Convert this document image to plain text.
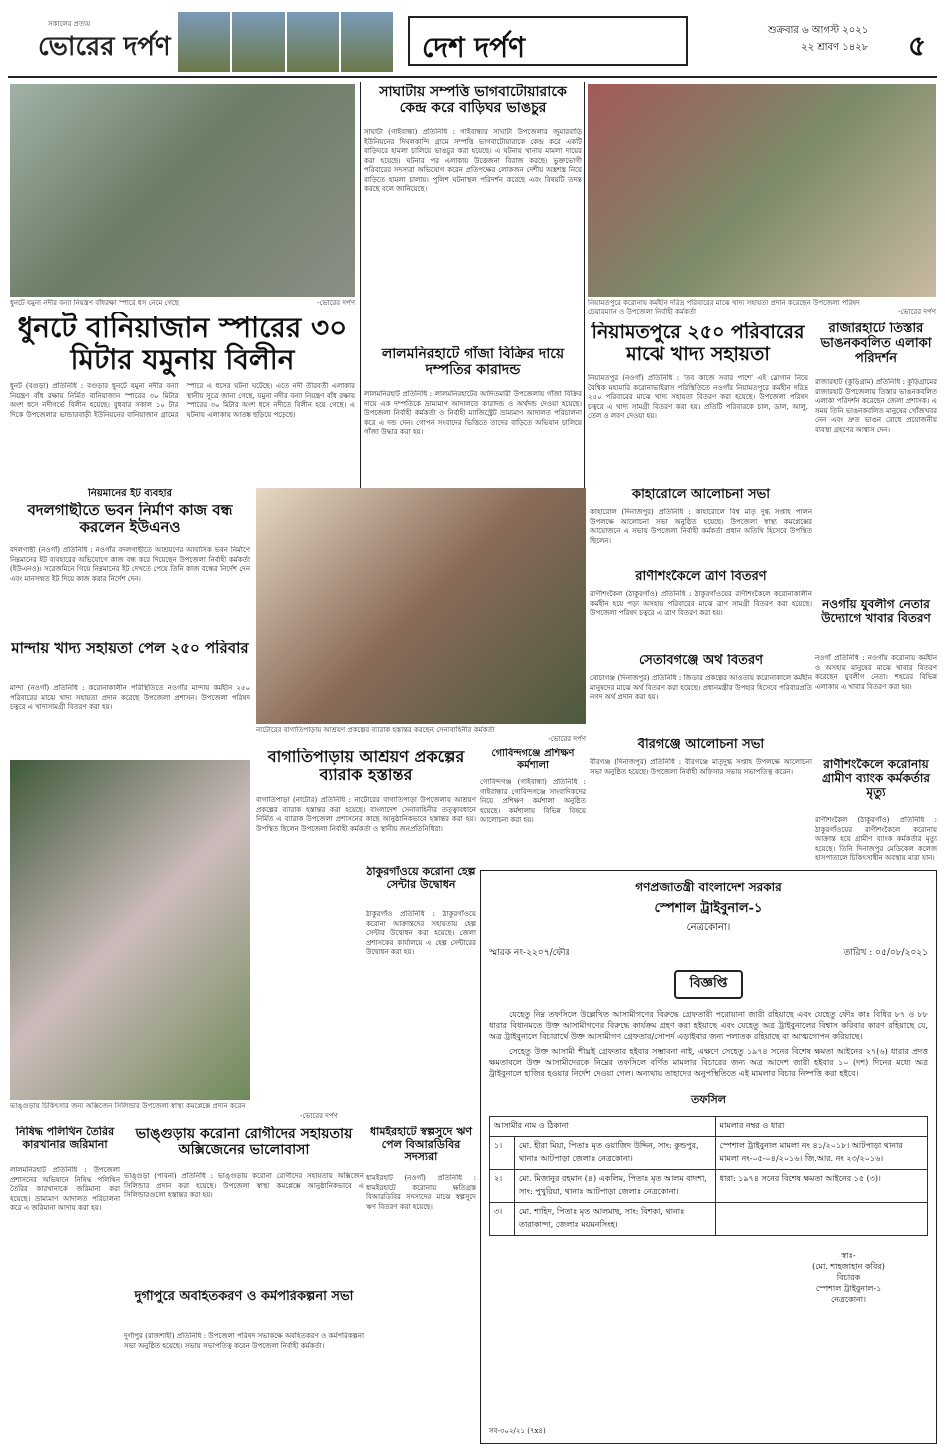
সকালের প্রত্যয়
ভোরের দর্পণ	দেশ দর্পণ
শুক্রবার ৬ আগস্ট ২০২১
২২ শ্রাবণ ১৪২৮ ৫
ধুনটে যমুনা নদীর বন্যা নিয়ন্ত্রণ বাঁধরক্ষা স্পারে ধস নেমে গেছে	-ভোরের দর্পণ
ধুনটে বানিয়াজান স্পারের ৩০ মিটার যমুনায় বিলীন
ধুনট (বগুড়া) প্রতিনিধি : বগুড়ার ধুনটে যমুনা নদীর বন্যা নিয়ন্ত্রণ বাঁধ রক্ষায় নির্মিত বানিয়াজান স্পারের ৩০ মিটার অংশ ধসে নদীগর্ভে বিলীন হয়েছে। বুধবার সকাল ১০ টার দিকে উপজেলার ভান্ডারবাড়ী ইউনিয়নের বানিয়াজান গ্রামের স্পারে এ ধসের ঘটনা ঘটেছে। এতে নদী তীরবর্তী এলাকার স্থানীয় সুত্রে জানা গেছে, যমুনা নদীর বন্যা নিয়ন্ত্রণ বাঁধ রক্ষায় স্পারের ৩০ মিটার অংশ ধসে নদীতে বিলীন হয়ে গেছে। এ ঘটনায় এলাকায় আতঙ্ক ছড়িয়ে পড়েছে।
সাঘাটায় সম্পত্তি ভাগবাটোয়ারাকে কেন্দ্র করে বাড়িঘর ভাঙচুর
সাঘাটা (গাইবান্ধা) প্রতিনিধি : গাইবান্ধার সাঘাটা উপজেলার জুমারবাড়ি ইউনিয়নের দিঘলকান্দি গ্রামে সম্পত্তি ভাগবাটোয়ারাকে কেন্দ্র করে একটি বাড়িঘরে হামলা চালিয়ে ভাঙচুর করা হয়েছে। এ ঘটনায় থানায় মামলা দায়ের করা হয়েছে। ঘটনার পর এলাকায় উত্তেজনা বিরাজ করছে। ভুক্তভোগী পরিবারের সদস্যরা অভিযোগ করেন প্রতিপক্ষের লোকজন দেশীয় অস্ত্রশস্ত্র নিয়ে বাড়িতে হামলা চালায়। পুলিশ ঘটনাস্থল পরিদর্শন করেছে এবং বিষয়টি তদন্ত করছে বলে জানিয়েছে।
লালমনিরহাটে গাঁজা বিক্রির দায়ে দম্পতির কারাদন্ড
লালমনিরহাট প্রতিনিধি : লালমনিরহাটের আদিতমারী উপজেলায় গাঁজা বিক্রির দায়ে এক দম্পতিকে ভ্রাম্যমাণ আদালতে কারাদন্ড ও অর্থদন্ড দেওয়া হয়েছে। উপজেলা নির্বাহী কর্মকর্তা ও নির্বাহী ম্যাজিস্ট্রেট ভ্রাম্যমাণ আদালত পরিচালনা করে এ দন্ড দেন। গোপন সংবাদের ভিত্তিতে তাদের বাড়িতে অভিযান চালিয়ে গাঁজা উদ্ধার করা হয়।
নিয়ামতপুরে করোনায় কর্মহীন দরিদ্র পরিবারের মাঝে খাদ্য সহায়তা প্রদান করেছেন উপজেলা পরিষদ চেয়ারম্যান ও উপজেলা নির্বাহী কর্মকর্তা	-ভোরের দর্পণ
নিয়ামতপুরে ২৫০ পরিবারের মাঝে খাদ্য সহায়তা
নিয়ামতপুর (নওগাঁ) প্রতিনিধি : 'তব কাজে সবার পাশে' এই স্লোগান নিয়ে বৈশ্বিক মহামারি করোনাভাইরাস পরিস্থিতিতে নওগাঁর নিয়ামতপুরে কর্মহীন দরিদ্র ২৫০ পরিবারের মাঝে খাদ্য সহায়তা বিতরণ করা হয়েছে। উপজেলা পরিষদ চত্বরে এ খাদ্য সামগ্রী বিতরণ করা হয়। প্রতিটি পরিবারকে চাল, ডাল, আলু, তেল ও লবণ দেওয়া হয়।
রাজারহাটে তিস্তার ভাঙনকবলিত এলাকা পরিদর্শন
রাজারহাট (কুড়িগ্রাম) প্রতিনিধি : কুড়িগ্রামের রাজারহাট উপজেলায় তিস্তার ভাঙনকবলিত এলাকা পরিদর্শন করেছেন জেলা প্রশাসক। এ সময় তিনি ভাঙনকবলিত মানুষের খোঁজখবর নেন এবং দ্রুত ভাঙন রোধে প্রয়োজনীয় ব্যবস্থা গ্রহণের আশ্বাস দেন।
নিয়মানের ইট ব্যবহার
বদলগাছীতে ভবন নির্মাণ কাজ বন্ধ করলেন ইউএনও
বদলগাছী (নওগাঁ) প্রতিনিধি : নওগাঁর বদলগাছীতে আশ্রয়ণের আবাসিক ভবন নির্মাণে নিম্নমানের ইট ব্যবহারের অভিযোগে কাজ বন্ধ করে দিয়েছেন উপজেলা নির্বাহী কর্মকর্তা (ইউএনও)। সরেজমিনে গিয়ে নিম্নমানের ইট দেখতে পেয়ে তিনি কাজ বন্ধের নির্দেশ দেন এবং মানসম্মত ইট দিয়ে কাজ করার নির্দেশ দেন।
মান্দায় খাদ্য সহায়তা পেল ২৫০ পরিবার
মান্দা (নওগাঁ) প্রতিনিধি : করোনাকালীন পরিস্থিতিতে নওগাঁর মান্দায় কর্মহীন ২৫০ পরিবারের মাঝে খাদ্য সহায়তা প্রদান করেছে উপজেলা প্রশাসন। উপজেলা পরিষদ চত্বরে এ খাদ্যসামগ্রী বিতরণ করা হয়।
নাটোরের বাগাতিপাড়ায় আশ্রয়ণ প্রকল্পের ব্যারাক হস্তান্তর করছেন সেনাবাহিনীর কর্মকর্তা
-ভোরের দর্পণ
বাগাতিপাড়ায় আশ্রয়ণ প্রকল্পের ব্যারাক হস্তান্তর
বাগাতিপাড়া (নাটোর) প্রতিনিধি : নাটোরের বাগাতিপাড়া উপজেলায় আশ্রয়ণ প্রকল্পের ব্যারাক হস্তান্তর করা হয়েছে। বাংলাদেশ সেনাবাহিনীর তত্ত্বাবধানে নির্মিত এ ব্যারাক উপজেলা প্রশাসনের কাছে আনুষ্ঠানিকভাবে হস্তান্তর করা হয়। উপস্থিত ছিলেন উপজেলা নির্বাহী কর্মকর্তা ও স্থানীয় জনপ্রতিনিধিরা।
গোবিন্দগঞ্জে প্রশিক্ষণ কর্মশালা
গোবিন্দগঞ্জ (গাইবান্ধা) প্রতিনিধি : গাইবান্ধার গোবিন্দগঞ্জে সাংবাদিকদের নিয়ে প্রশিক্ষণ কর্মশালা অনুষ্ঠিত হয়েছে। কর্মশালায় বিভিন্ন বিষয়ে আলোচনা করা হয়।
কাহারোলে আলোচনা সভা
কাহারোল (দিনাজপুর) প্রতিনিধি : কাহারোলে বিশ্ব মাতৃ দুগ্ধ সপ্তাহ পালন উপলক্ষে আলোচনা সভা অনুষ্ঠিত হয়েছে। উপজেলা স্বাস্থ্য কমপ্লেক্সের আয়োজনে এ সভায় উপজেলা নির্বাহী কর্মকর্তা প্রধান অতিথি হিসেবে উপস্থিত ছিলেন।
রাণীশংকৈলে ত্রাণ বিতরণ
রাণীশংকৈল (ঠাকুরগাঁও) প্রতিনিধি : ঠাকুরগাঁওয়ের রাণীশংকৈলে করোনাকালীন কর্মহীন হয়ে পড়া অসহায় পরিবারের মাঝে ত্রাণ সামগ্রী বিতরণ করা হয়েছে। উপজেলা পরিষদ চত্বরে এ ত্রাণ বিতরণ করা হয়।
সেতাবগঞ্জে অর্থ বিতরণ
বোচাগঞ্জ (দিনাজপুর) প্রতিনিধি : জিডার প্রকল্পের আওতায় করোনাকালে কর্মহীন মানুষদের মাঝে অর্থ বিতরণ করা হয়েছে। প্রধানমন্ত্রীর উপহার হিসেবে পরিবারপ্রতি নগদ অর্থ প্রদান করা হয়।
বীরগঞ্জে আলোচনা সভা
বীরগঞ্জ (দিনাজপুর) প্রতিনিধি : বীরগঞ্জে মাতৃদুগ্ধ সপ্তাহ উপলক্ষে আলোচনা সভা অনুষ্ঠিত হয়েছে। উপজেলা নির্বাহী অফিসার সভায় সভাপতিত্ব করেন।
নওগাঁয় যুবলীগ নেতার উদ্যোগে খাবার বিতরণ
নওগাঁ প্রতিনিধি : নওগাঁয় করোনায় কর্মহীন ও অসহায় মানুষের মাঝে খাবার বিতরণ করেছেন যুবলীগ নেতা। শহরের বিভিন্ন এলাকায় এ খাবার বিতরণ করা হয়।
রাণীশংকৈলে করোনায় গ্রামীণ ব্যাংক কর্মকর্তার মৃত্যু
রাণীশংকৈল (ঠাকুরগাঁও) প্রতিনিধি : ঠাকুরগাঁওয়ের রাণীশংকৈলে করোনায় আক্রান্ত হয়ে গ্রামীণ ব্যাংক কর্মকর্তার মৃত্যু হয়েছে। তিনি দিনাজপুর মেডিকেল কলেজ হাসপাতালে চিকিৎসাধীন অবস্থায় মারা যান।
ভাঙ্গুড়ায় চিকিৎসার জন্য অক্সিজেন সিলিন্ডার উপজেলা স্বাস্থ্য কমপ্লেক্সে প্রদান করেন
-ভোরের দর্পণ
ঠাকুরগাঁওয়ে করোনা হেল্প সেন্টার উদ্বোধন
ঠাকুরগাঁও প্রতিনিধি : ঠাকুরগাঁওয়ে করোনা আক্রান্তদের সহায়তায় হেল্প সেন্টার উদ্বোধন করা হয়েছে। জেলা প্রশাসকের কার্যালয়ে এ হেল্প সেন্টারের উদ্বোধন করা হয়।
নিষিদ্ধ পলিথিন তৈরির কারখানার জরিমানা
লালমনিরহাট প্রতিনিধি : উপজেলা প্রশাসনের অভিযানে নিষিদ্ধ পলিথিন তৈরির কারখানাকে জরিমানা করা হয়েছে। ভ্রাম্যমাণ আদালত পরিচালনা করে এ জরিমানা আদায় করা হয়।
ভাঙ্গুড়ায় করোনা রোগীদের সহায়তায় অক্সিজেনের ভালোবাসা
ভাঙ্গুড়া (পাবনা) প্রতিনিধি : ভাঙ্গুড়ায় করোনা রোগীদের সহায়তায় অক্সিজেন সিলিন্ডার প্রদান করা হয়েছে। উপজেলা স্বাস্থ্য কমপ্লেক্সে আনুষ্ঠানিকভাবে এ সিলিন্ডারগুলো হস্তান্তর করা হয়।
দুর্গাপুরে অবহিতকরণ ও কর্মপরিকল্পনা সভা
দুর্গাপুর (রাজশাহী) প্রতিনিধি : উপজেলা পরিষদ সভাকক্ষে অবহিতকরণ ও কর্মপরিকল্পনা সভা অনুষ্ঠিত হয়েছে। সভায় সভাপতিত্ব করেন উপজেলা নির্বাহী কর্মকর্তা।
ধামইরহাটে স্বল্পসুদে ঋণ পেল বিআরডিবির সদস্যরা
ধামইরহাট (নওগাঁ) প্রতিনিধি : ধামইরহাটে করোনায় ক্ষতিগ্রস্ত বিআরডিবির সদস্যদের মাঝে স্বল্পসুদে ঋণ বিতরণ করা হয়েছে।
গণপ্রজাতন্ত্রী বাংলাদেশ সরকার
স্পেশাল ট্রাইবুনাল-১
নেত্রকোনা।
স্মারক নং-২২০৭/ফৌঃ	তারিখ : ০৫/০৮/২০২১
বিজ্ঞপ্তি
যেহেতু নিম্ন তফসিলে উল্লেখিত আসামীগণের বিরুদ্ধে গ্রেফতারী পরোয়ানা জারী রহিয়াছে এবং যেহেতু ফৌঃ কাঃ বিধির ৮৭ ও ৮৮ ধারার বিধানমতে উক্ত আসামীগণের বিরুদ্ধে কার্যক্রম গ্রহণ করা হইয়াছে এবং যেহেতু অত্র ট্রাইবুনালের বিশ্বাস করিবার কারণ রহিয়াছে যে, অত্র ট্রাইবুনালে বিচারার্থে উক্ত আসামীগণ গ্রেফতার/সোপর্দ এড়াইবার জন্য পলাতক রহিয়াছে বা আত্মগোপন করিয়াছে।
সেহেতু উক্ত আসামী শীঘ্রই গ্রেফতার হইবার সম্ভাবনা নাই, এক্ষণে সেহেতু ১৯৭৪ সনের বিশেষ ক্ষমতা আইনের ২৭(৬) ধারার প্রদত্ত ক্ষমতাবলে উক্ত আসামীদেরকে নিম্নের তফসিলে বর্ণিত মামলার বিচারের জন্য অত্র আদেশ জারী হইবার ১০ (দশ) দিনের মধ্যে অত্র ট্রাইবুনালে হাজির হওয়ার নির্দেশ দেওয়া গেল। অন্যথায় তাহাদের অনুপস্থিতিতে এই মামলার বিচার নিষ্পত্তি করা হইবে।
তফসিল
আসামীর নাম ও ঠিকানা		মামলার নম্বর ও ধারা
১।	মো. হীরা মিয়া, পিতাঃ মৃত ওয়াজিদ উদ্দিন, সাং: কুন্ডপুর, থানাঃ আটপাড়া জেলাঃ নেত্রকোনা।	স্পেশাল ট্রাইবুনাল মামলা নং ৪১/২০১৮। আটপাড়া থানার মামলা নং-০৫-০৪/২০১৬। জি.আর. নং ২৩/২০১৬।
২।	মো. মিজানুর রহমান (৪) একলিম, পিতাঃ মৃত আলম বাদশা, সাং: পুখুরিয়া, থানাঃ আটপাড়া জেলাঃ নেত্রকোনা।	ধারা: ১৯৭৪ সনের বিশেষ ক্ষমতা আইনের ১৫ (৩)।
৩।	মো. শাহিদ, পিতাঃ মৃত আলমাছ, সাং: বিশকা, থানাঃ তারাকান্দা, জেলাঃ ময়মনসিংহ।	
স্বাঃ-
(মো. শাহজাহান কবির)
বিচারক
স্পেশাল ট্রাইবুনাল-১
নেত্রকোনা।
সব-৩০২/২১ (৭x৪)
